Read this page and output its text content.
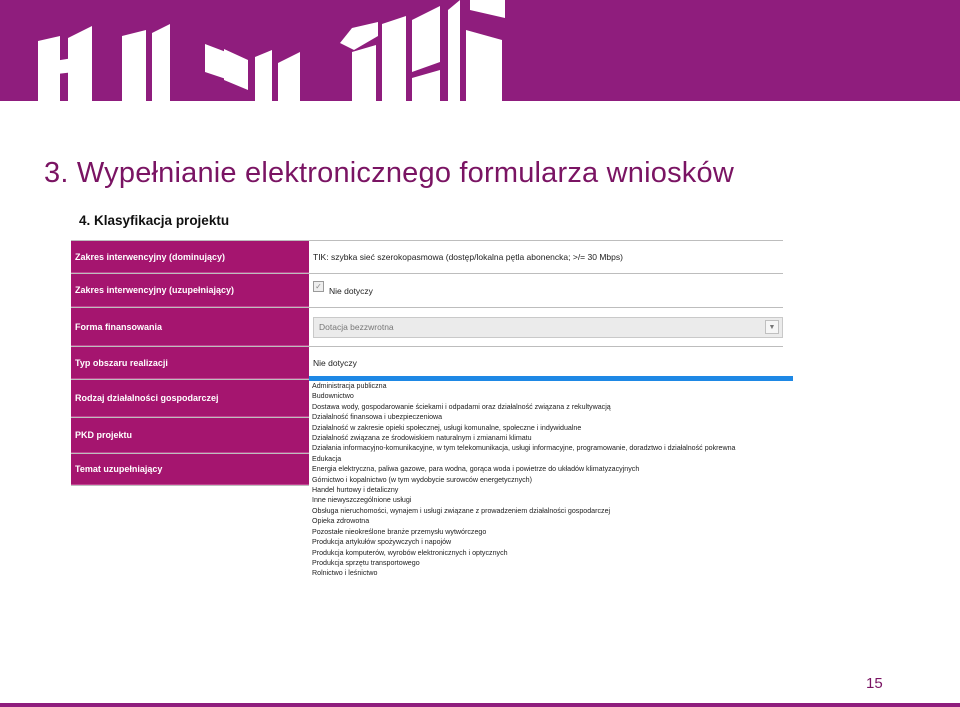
3. Wypełnianie elektronicznego formularza wniosków
4. Klasyfikacja projektu
Zakres interwencyjny (dominujący)	TIK: szybka sieć szerokopasmowa (dostęp/lokalna pętla abonencka; >/= 30 Mbps)
Zakres interwencyjny (uzupełniający)	✓ Nie dotyczy
Forma finansowania	Dotacja bezzwrotna	▼
Typ obszaru realizacji	Nie dotyczy
Rodzaj działalności gospodarczej
PKD projektu
Temat uzupełniający
Administracja publiczna
Budownictwo
Dostawa wody, gospodarowanie ściekami i odpadami oraz działalność związana z rekultywacją
Działalność finansowa i ubezpieczeniowa
Działalność w zakresie opieki społecznej, usługi komunalne, społeczne i indywidualne
Działalność związana ze środowiskiem naturalnym i zmianami klimatu
Działania informacyjno-komunikacyjne, w tym telekomunikacja, usługi informacyjne, programowanie, doradztwo i działalność pokrewna
Edukacja
Energia elektryczna, paliwa gazowe, para wodna, gorąca woda i powietrze do układów klimatyzacyjnych
Górnictwo i kopalnictwo (w tym wydobycie surowców energetycznych)
Handel hurtowy i detaliczny
Inne niewyszczególnione usługi
Obsługa nieruchomości, wynajem i usługi związane z prowadzeniem działalności gospodarczej
Opieka zdrowotna
Pozostałe nieokreślone branże przemysłu wytwórczego
Produkcja artykułów spożywczych i napojów
Produkcja komputerów, wyrobów elektronicznych i optycznych
Produkcja sprzętu transportowego
Rolnictwo i leśnictwo
15
